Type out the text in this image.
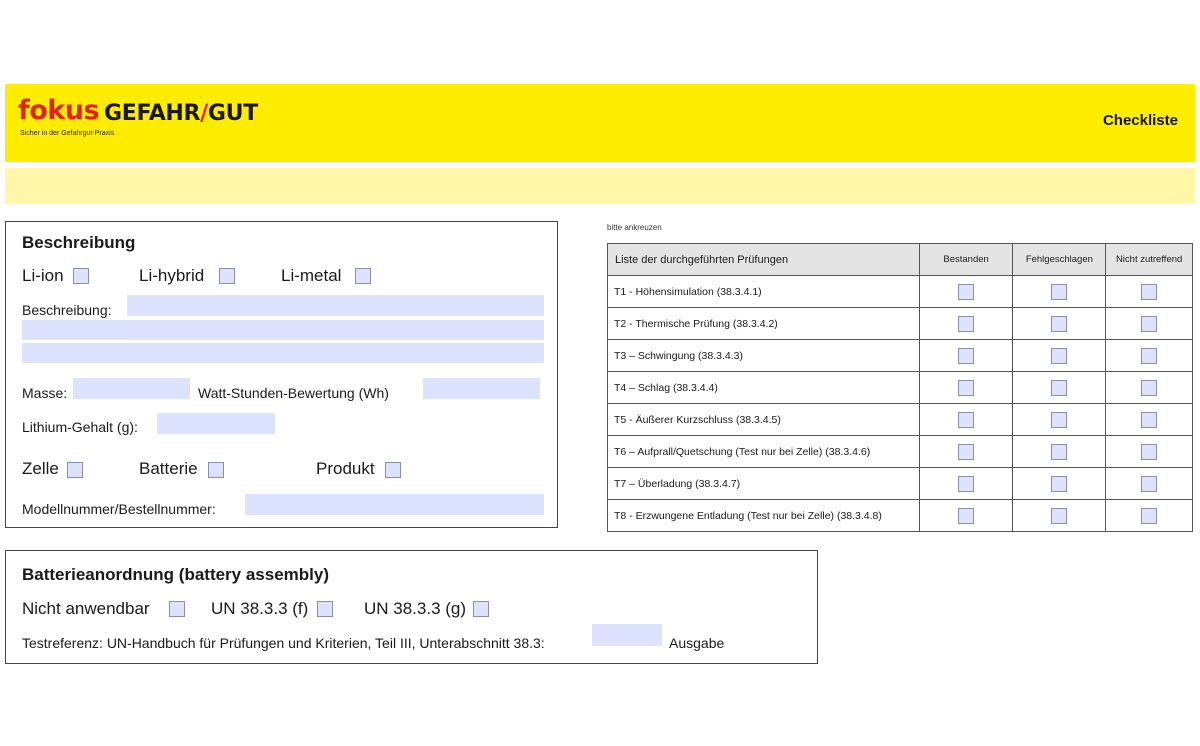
fokus GEFAHR/GUT
Sicher in der Gefahrgut-Praxis
Checkliste
Beschreibung
Li-ion	Li-hybrid	Li-metal
Beschreibung:
Masse:	Watt-Stunden-Bewertung (Wh)
Lithium-Gehalt (g):
Zelle	Batterie	Produkt
Modellnummer/Bestellnummer:
Batterieanordnung (battery assembly)
Nicht anwendbar	UN 38.3.3 (f)	UN 38.3.3 (g)
Testreferenz: UN-Handbuch für Prüfungen und Kriterien, Teil III, Unterabschnitt 38.3:	Ausgabe
bitte ankreuzen
Liste der durchgeführten Prüfungen	Bestanden	Fehlgeschlagen	Nicht zutreffend
T1 - Höhensimulation (38.3.4.1)			
T2 - Thermische Prüfung (38.3.4.2)			
T3 – Schwingung (38.3.4.3)			
T4 – Schlag (38.3.4.4)			
T5 - Äußerer Kurzschluss (38.3.4.5)			
T6 – Aufprall/Quetschung (Test nur bei Zelle) (38.3.4.6)			
T7 – Überladung (38.3.4.7)			
T8 - Erzwungene Entladung (Test nur bei Zelle) (38.3.4.8)			
